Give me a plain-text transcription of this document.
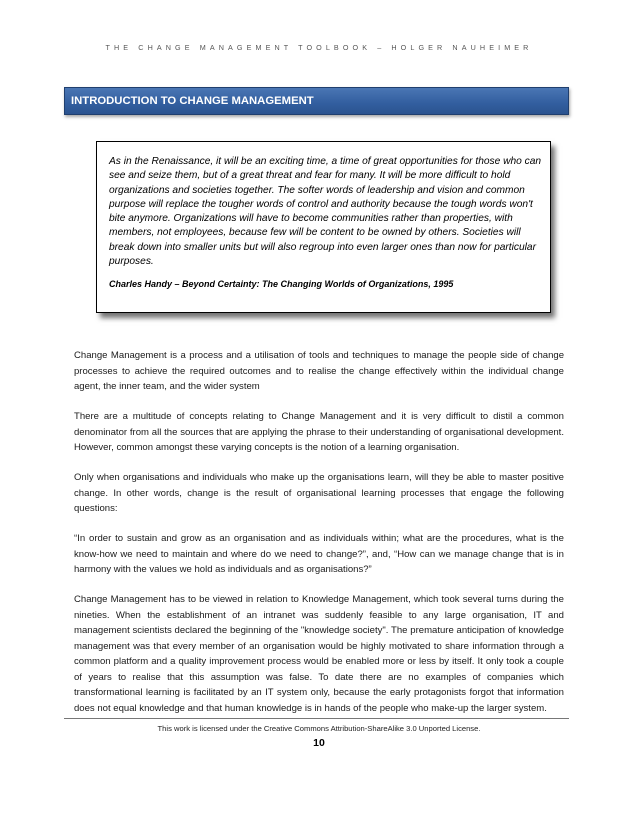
THE CHANGE MANAGEMENT TOOLBOOK – HOLGER NAUHEIMER
INTRODUCTION TO CHANGE MANAGEMENT

As in the Renaissance, it will be an exciting time, a time of great opportunities for those who can see and seize them, but of a great threat and fear for many. It will be more difficult to hold organizations and societies together. The softer words of leadership and vision and common purpose will replace the tougher words of control and authority because the tough words won't bite anymore. Organizations will have to become communities rather than properties, with members, not employees, because few will be content to be owned by others. Societies will break down into smaller units but will also regroup into even larger ones than now for particular purposes.

Charles Handy – Beyond Certainty: The Changing Worlds of Organizations, 1995

Change Management is a process and a utilisation of tools and techniques to manage the people side of change processes to achieve the required outcomes and to realise the change effectively within the individual change agent, the inner team, and the wider system

There are a multitude of concepts relating to Change Management and it is very difficult to distil a common denominator from all the sources that are applying the phrase to their understanding of organisational development. However, common amongst these varying concepts is the notion of a learning organisation.

Only when organisations and individuals who make up the organisations learn, will they be able to master positive change. In other words, change is the result of organisational learning processes that engage the following questions:

“In order to sustain and grow as an organisation and as individuals within; what are the procedures, what is the know-how we need to maintain and where do we need to change?”, and, “How can we manage change that is in harmony with the values we hold as individuals and as organisations?”

Change Management has to be viewed in relation to Knowledge Management, which took several turns during the nineties. When the establishment of an intranet was suddenly feasible to any large organisation, IT and management scientists declared the beginning of the "knowledge society". The premature anticipation of knowledge management was that every member of an organisation would be highly motivated to share information through a common platform and a quality improvement process would be enabled more or less by itself. It only took a couple of years to realise that this assumption was false. To date there are no examples of companies which transformational learning is facilitated by an IT system only, because the early protagonists forgot that information does not equal knowledge and that human knowledge is in hands of the people who make-up the larger system.

This work is licensed under the Creative Commons Attribution-ShareAlike 3.0 Unported License.
10
